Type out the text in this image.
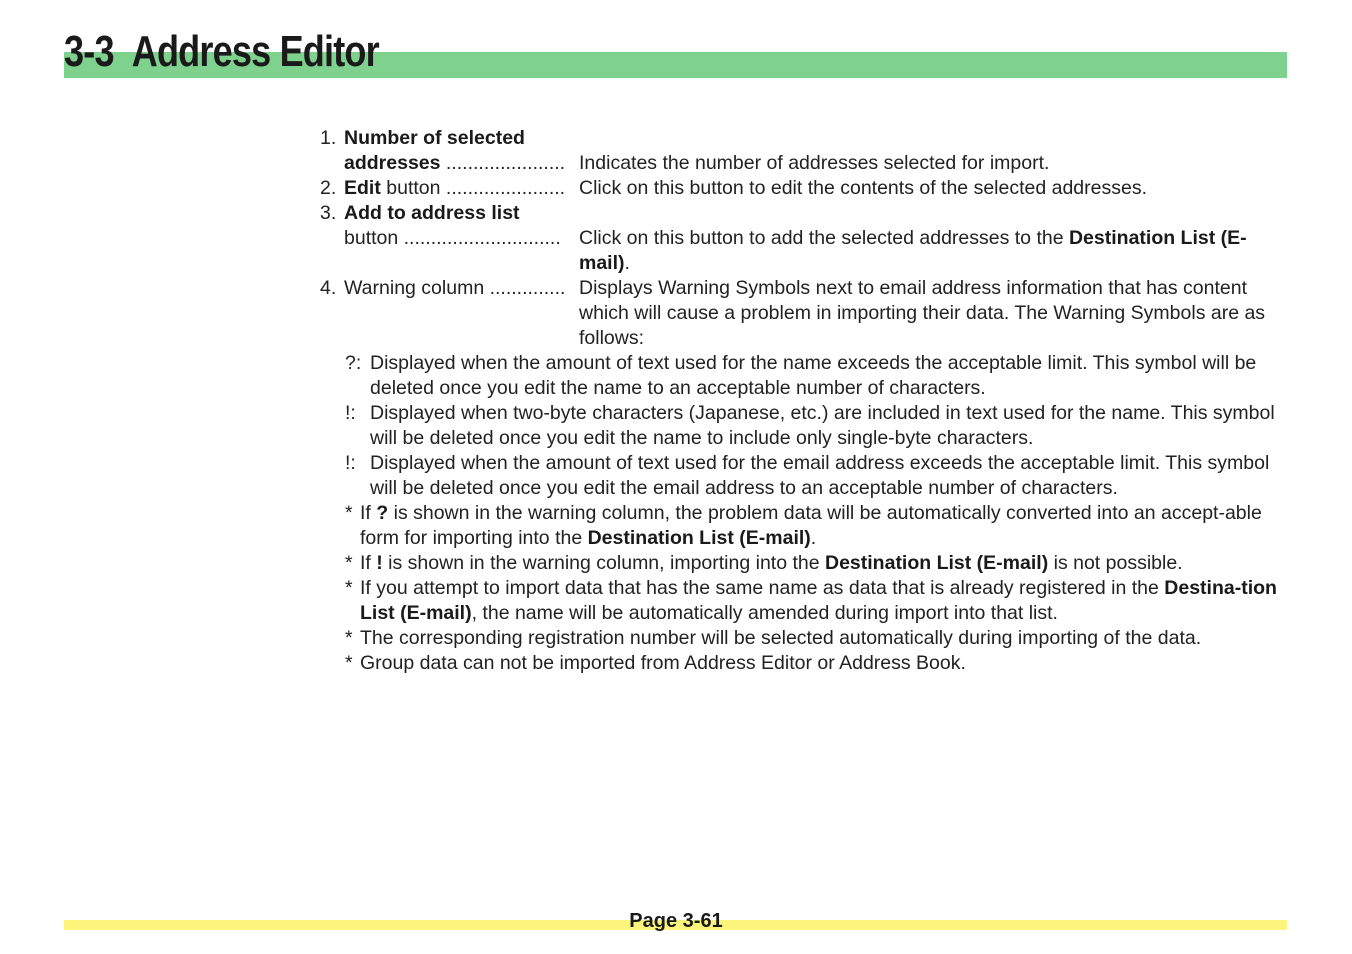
3-3 Address Editor
1. Number of selected
addresses ...................... Indicates the number of addresses selected for import.
2. Edit button ...................... Click on this button to edit the contents of the selected addresses.
3. Add to address list
button ............................. Click on this button to add the selected addresses to the Destination List (E-mail).
4. Warning column .............. Displays Warning Symbols next to email address information that has content which will cause a problem in importing their data. The Warning Symbols are as follows:
?: Displayed when the amount of text used for the name exceeds the acceptable limit. This symbol will be deleted once you edit the name to an acceptable number of characters.
!: Displayed when two-byte characters (Japanese, etc.) are included in text used for the name. This symbol will be deleted once you edit the name to include only single-byte characters.
!: Displayed when the amount of text used for the email address exceeds the acceptable limit. This symbol will be deleted once you edit the email address to an acceptable number of characters.
* If ? is shown in the warning column, the problem data will be automatically converted into an accept-able form for importing into the Destination List (E-mail).
* If ! is shown in the warning column, importing into the Destination List (E-mail) is not possible.
* If you attempt to import data that has the same name as data that is already registered in the Destina-tion List (E-mail), the name will be automatically amended during import into that list.
* The corresponding registration number will be selected automatically during importing of the data.
* Group data can not be imported from Address Editor or Address Book.
Page 3-61
